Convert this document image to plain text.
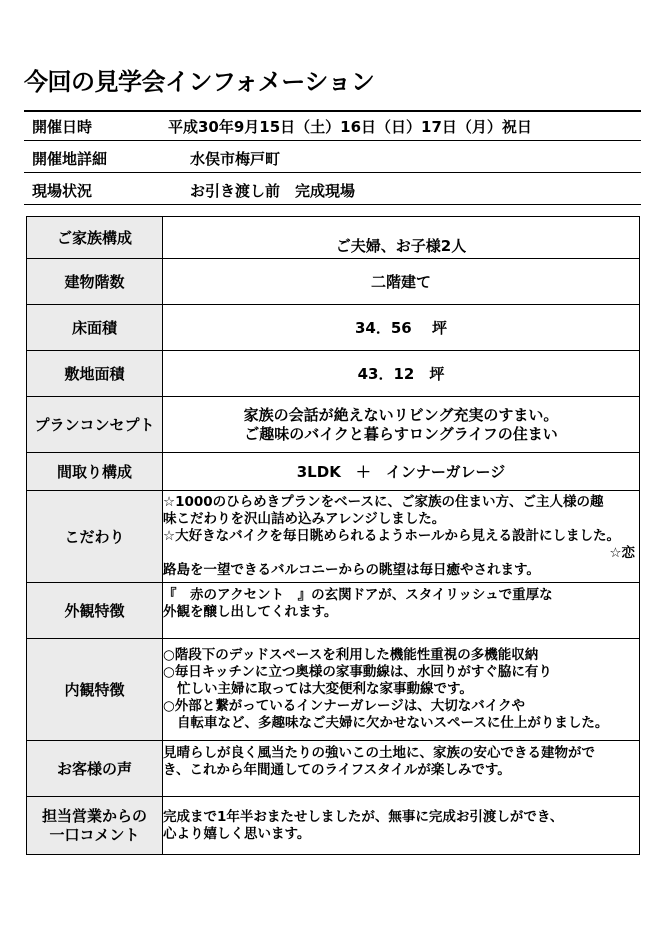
今回の見学会インフォメーション
開催日時	平成30年9月15日（土）16日（日）17日（月）祝日
開催地詳細	水俣市梅戸町
現場状況	お引き渡し前　完成現場
ご家族構成	ご夫婦、お子様2人
建物階数	二階建て
床面積	34．56　 坪
敷地面積	43．12　坪
プランコンセプト	家族の会話が絶えないリビング充実のすまい。
ご趣味のバイクと暮らすロングライフの住まい

間取り構成	3LDK　＋　インナーガレージ
こだわり	☆1000のひらめきプランをベースに、ご家族の住まい方、ご主人様の趣
味こだわりを沢山詰め込みアレンジしました。
☆大好きなバイクを毎日眺められるようホールから見える設計にしました。
☆恋
路島を一望できるバルコニーからの眺望は毎日癒やされます。

外観特徴	『　赤のアクセント　』の玄関ドアが、スタイリッシュで重厚な
外観を醸し出してくれます。

内観特徴	○階段下のデッドスペースを利用した機能性重視の多機能収納
○毎日キッチンに立つ奥様の家事動線は、水回りがすぐ脇に有り
忙しい主婦に取っては大変便利な家事動線です。
○外部と繋がっているインナーガレージは、大切なバイクや
自転車など、多趣味なご夫婦に欠かせないスペースに仕上がりました。

お客様の声	見晴らしが良く風当たりの強いこの土地に、家族の安心できる建物がで
き、これから年間通してのライフスタイルが楽しみです。

担当営業からの
一口コメント	完成まで1年半おまたせしましたが、無事に完成お引渡しができ、
心より嬉しく思います。
